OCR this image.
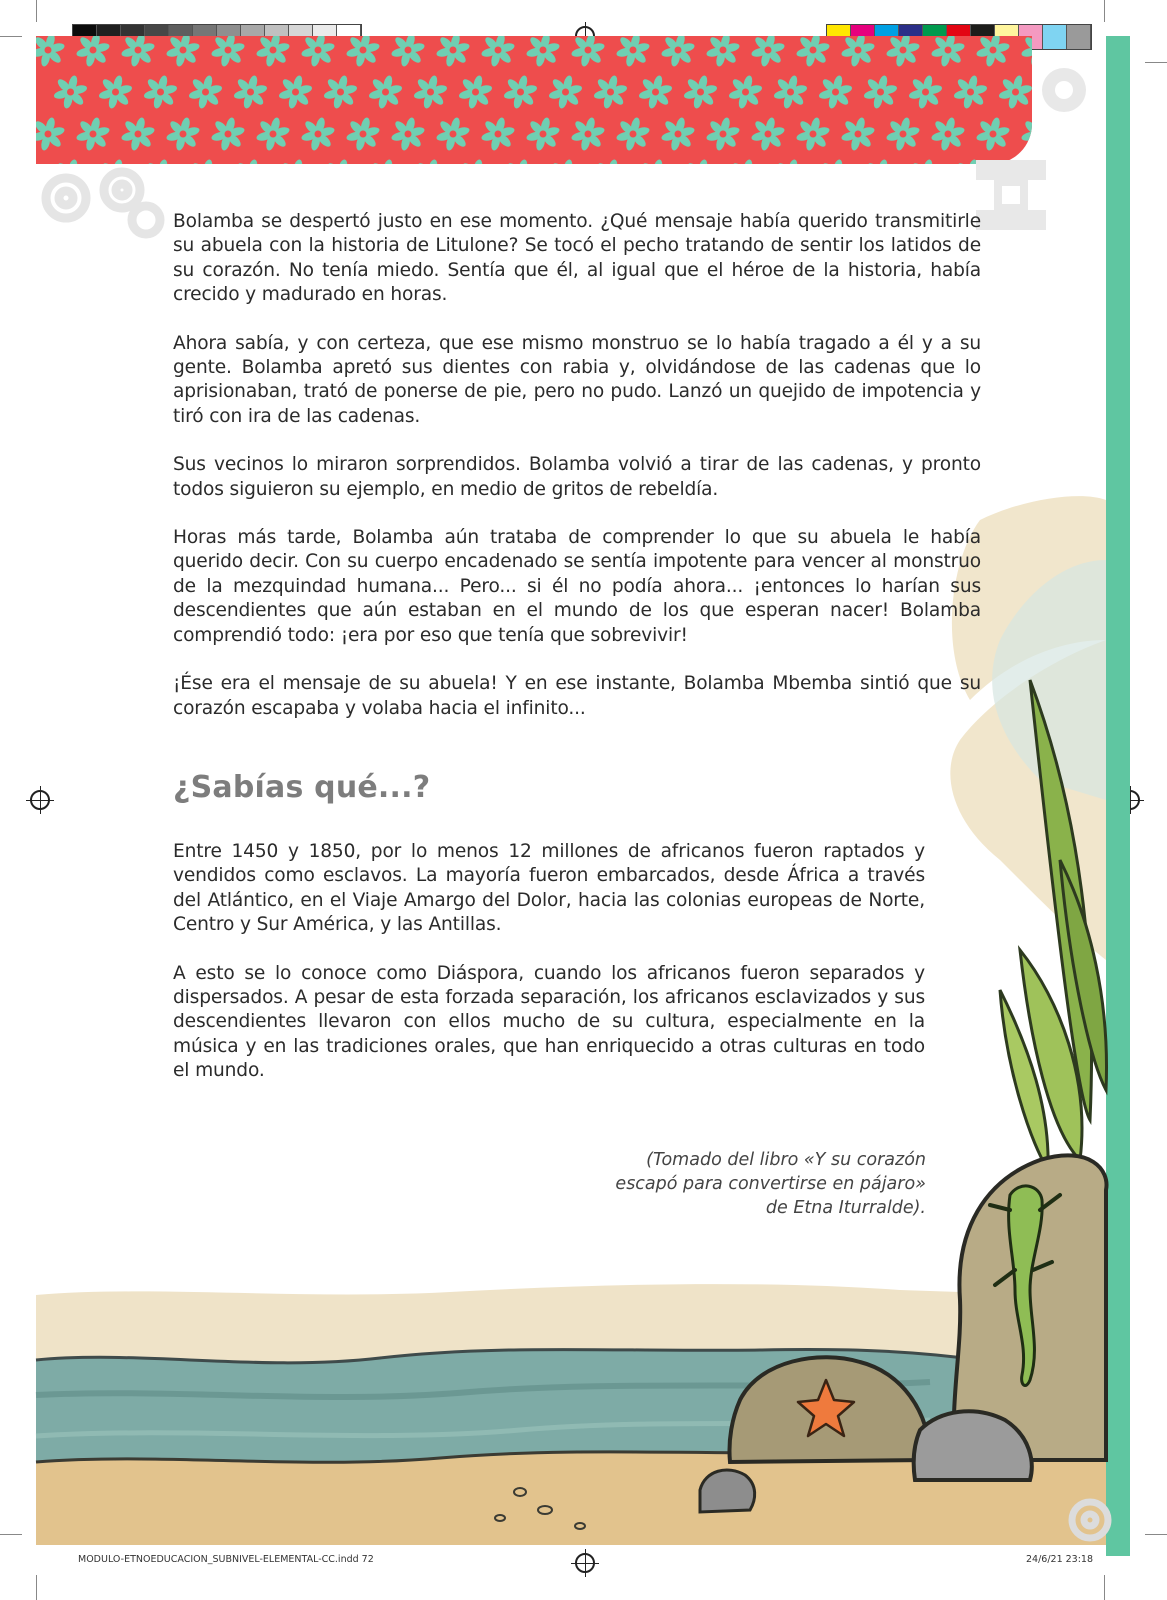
Bolamba se despertó justo en ese momento. ¿Qué mensaje había querido transmitirle su abuela con la historia de Litulone? Se tocó el pecho tratando de sentir los latidos de su corazón. No tenía miedo. Sentía que él, al igual que el héroe de la historia, había crecido y madurado en horas.

Ahora sabía, y con certeza, que ese mismo monstruo se lo había tragado a él y a su gente. Bolamba apretó sus dientes con rabia y, olvidándose de las cadenas que lo aprisionaban, trató de ponerse de pie, pero no pudo. Lanzó un quejido de impotencia y tiró con ira de las cadenas.

Sus vecinos lo miraron sorprendidos. Bolamba volvió a tirar de las cadenas, y pronto todos siguieron su ejemplo, en medio de gritos de rebeldía.

Horas más tarde, Bolamba aún trataba de comprender lo que su abuela le había querido decir. Con su cuerpo encadenado se sentía impotente para vencer al monstruo de la mezquindad humana... Pero... si él no podía ahora... ¡entonces lo harían sus descendientes que aún estaban en el mundo de los que esperan nacer! Bolamba comprendió todo: ¡era por eso que tenía que sobrevivir!

¡Ése era el mensaje de su abuela! Y en ese instante, Bolamba Mbemba sintió que su corazón escapaba y volaba hacia el infinito...

¿Sabías qué...?

Entre 1450 y 1850, por lo menos 12 millones de africanos fueron raptados y vendidos como esclavos. La mayoría fueron embarcados, desde África a través del Atlántico, en el Viaje Amargo del Dolor, hacia las colonias europeas de Norte, Centro y Sur América, y las Antillas.

A esto se lo conoce como Diáspora, cuando los africanos fueron separados y dispersados. A pesar de esta forzada separación, los africanos esclavizados y sus descendientes llevaron con ellos mucho de su cultura, especialmente en la música y en las tradiciones orales, que han enriquecido a otras culturas en todo el mundo.

(Tomado del libro «Y su corazón
escapó para convertirse en pájaro»
de Etna Iturralde).
MODULO-ETNOEDUCACION_SUBNIVEL-ELEMENTAL-CC.indd 72	24/6/21 23:18
